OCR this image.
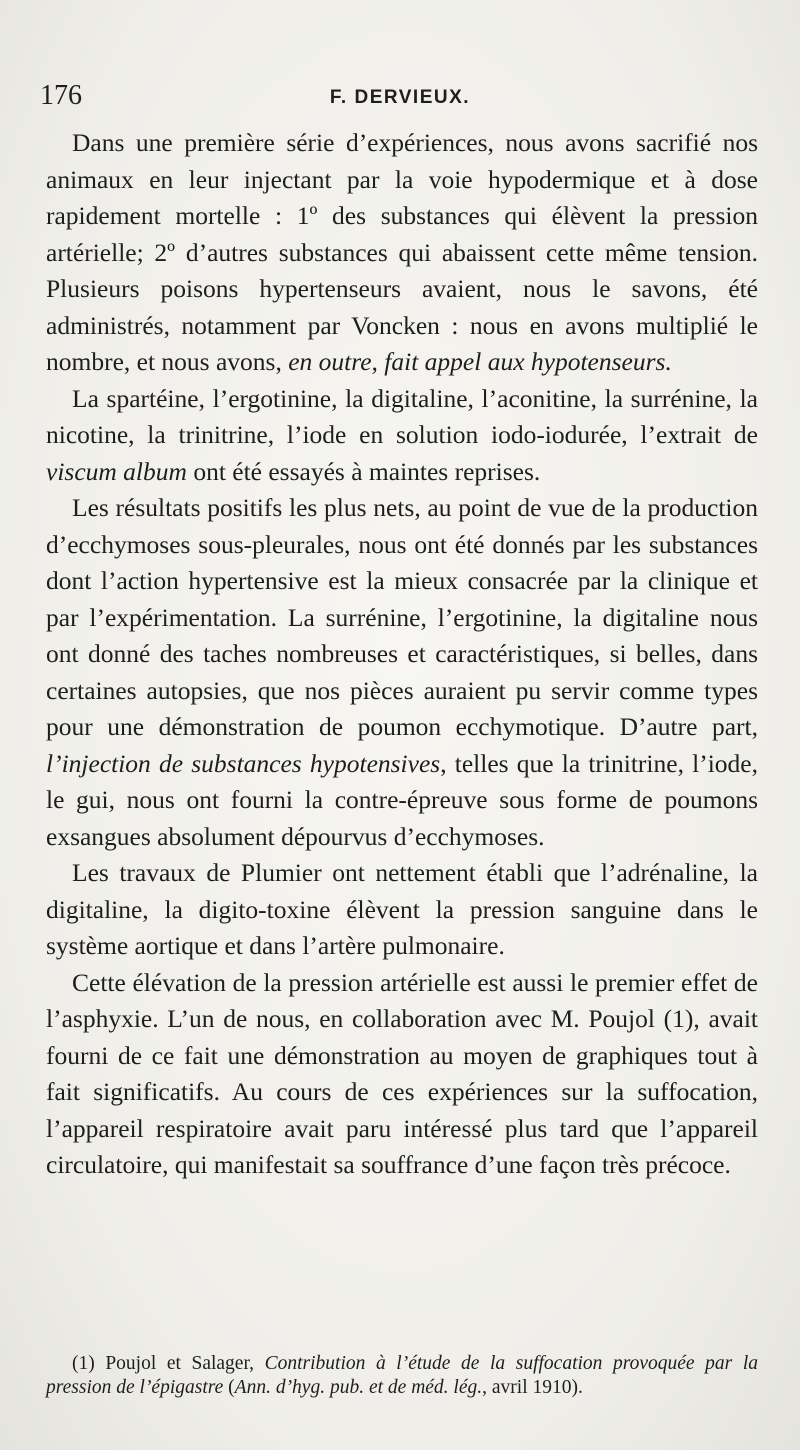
176	F. DERVIEUX.

Dans une première série d’expériences, nous avons sacrifié nos animaux en leur injectant par la voie hypodermique et à dose rapidement mortelle : 1º des substances qui élèvent la pression artérielle; 2º d’autres substances qui abaissent cette même tension. Plusieurs poisons hypertenseurs avaient, nous le savons, été administrés, notamment par Voncken : nous en avons multiplié le nombre, et nous avons, en outre, fait appel aux hypotenseurs.

La spartéine, l’ergotinine, la digitaline, l’aconitine, la surrénine, la nicotine, la trinitrine, l’iode en solution iodo-iodurée, l’extrait de viscum album ont été essayés à maintes reprises.

Les résultats positifs les plus nets, au point de vue de la production d’ecchymoses sous-pleurales, nous ont été donnés par les substances dont l’action hypertensive est la mieux consacrée par la clinique et par l’expérimentation. La surrénine, l’ergotinine, la digitaline nous ont donné des taches nombreuses et caractéristiques, si belles, dans certaines autopsies, que nos pièces auraient pu servir comme types pour une démonstration de poumon ecchymotique. D’autre part, l’injection de substances hypotensives, telles que la trinitrine, l’iode, le gui, nous ont fourni la contre-épreuve sous forme de poumons exsangues absolument dépourvus d’ecchymoses.

Les travaux de Plumier ont nettement établi que l’adrénaline, la digitaline, la digito-toxine élèvent la pression sanguine dans le système aortique et dans l’artère pulmonaire.

Cette élévation de la pression artérielle est aussi le premier effet de l’asphyxie. L’un de nous, en collaboration avec M. Poujol (1), avait fourni de ce fait une démonstration au moyen de graphiques tout à fait significatifs. Au cours de ces expériences sur la suffocation, l’appareil respiratoire avait paru intéressé plus tard que l’appareil circulatoire, qui manifestait sa souffrance d’une façon très précoce.

(1) Poujol et Salager, Contribution à l’étude de la suffocation provoquée par la pression de l’épigastre (Ann. d’hyg. pub. et de méd. lég., avril 1910).
